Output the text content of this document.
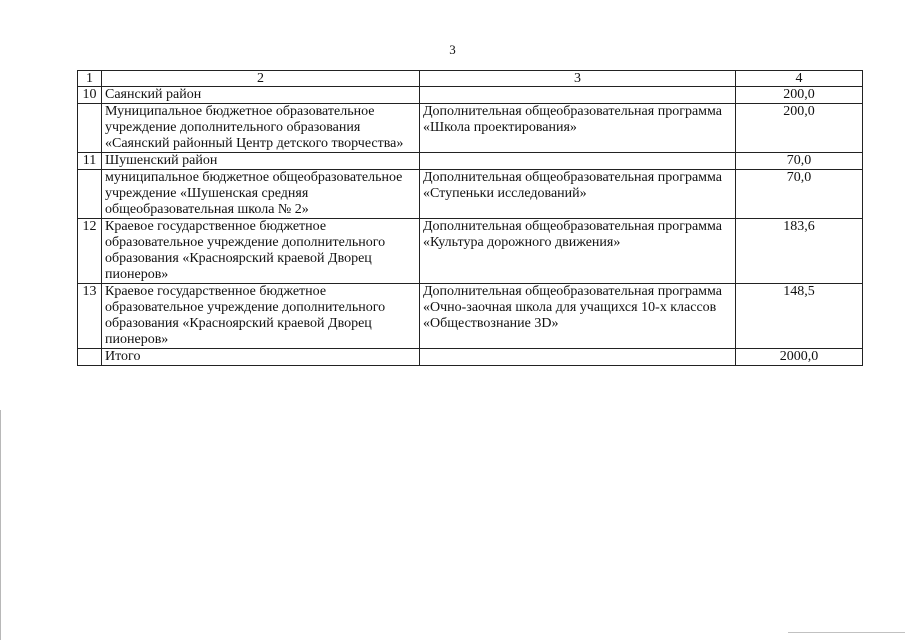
3
1	2	3	4
10	Саянский район		200,0
	Муниципальное бюджетное образовательное учреждение дополнительного образования «Саянский районный Центр детского творчества»	Дополнительная общеобразовательная программа «Школа проектирования»	200,0
11	Шушенский район		70,0
	муниципальное бюджетное общеобразовательное учреждение «Шушенская средняя общеобразовательная школа № 2»	Дополнительная общеобразовательная программа «Ступеньки исследований»	70,0
12	Краевое государственное бюджетное образовательное учреждение дополнительного образования «Красноярский краевой Дворец пионеров»	Дополнительная общеобразовательная программа «Культура дорожного движения»	183,6
13	Краевое государственное бюджетное образовательное учреждение дополнительного образования «Красноярский краевой Дворец пионеров»	Дополнительная общеобразовательная программа «Очно-заочная школа для учащихся 10-х классов «Обществознание 3D»	148,5
	Итого		2000,0
